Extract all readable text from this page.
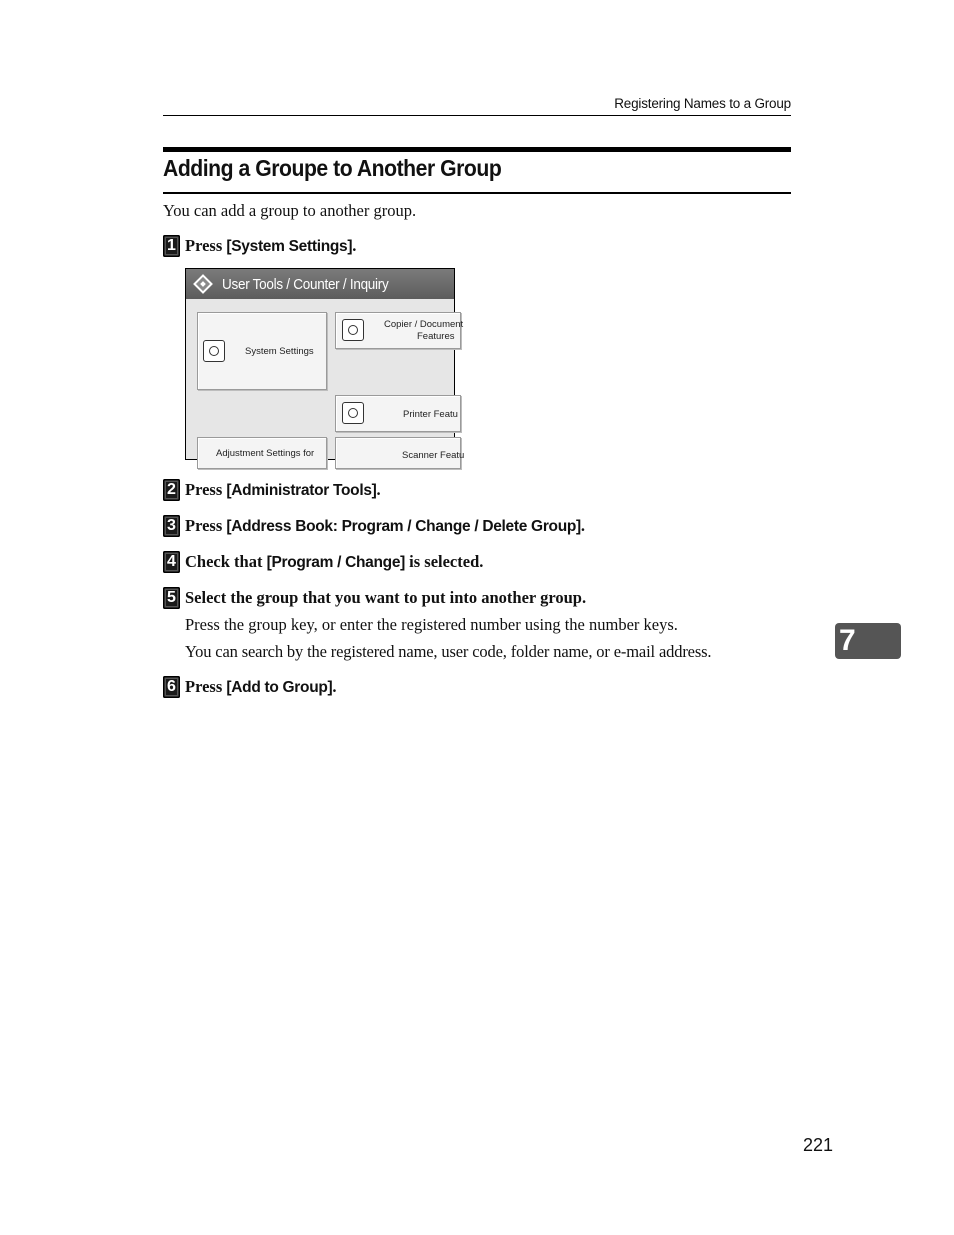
Registering Names to a Group
Adding a Groupe to Another Group
You can add a group to another group.
1 Press [System Settings].
User Tools / Counter / Inquiry
System Settings
Copier / Document
Features
Printer Featu
Adjustment Settings for	Scanner Featu
2 Press [Administrator Tools].
3 Press [Address Book: Program / Change / Delete Group].
4 Check that [Program / Change] is selected.
5 Select the group that you want to put into another group.
Press the group key, or enter the registered number using the number keys.
You can search by the registered name, user code, folder name, or e-mail address.
6 Press [Add to Group].
7
221
